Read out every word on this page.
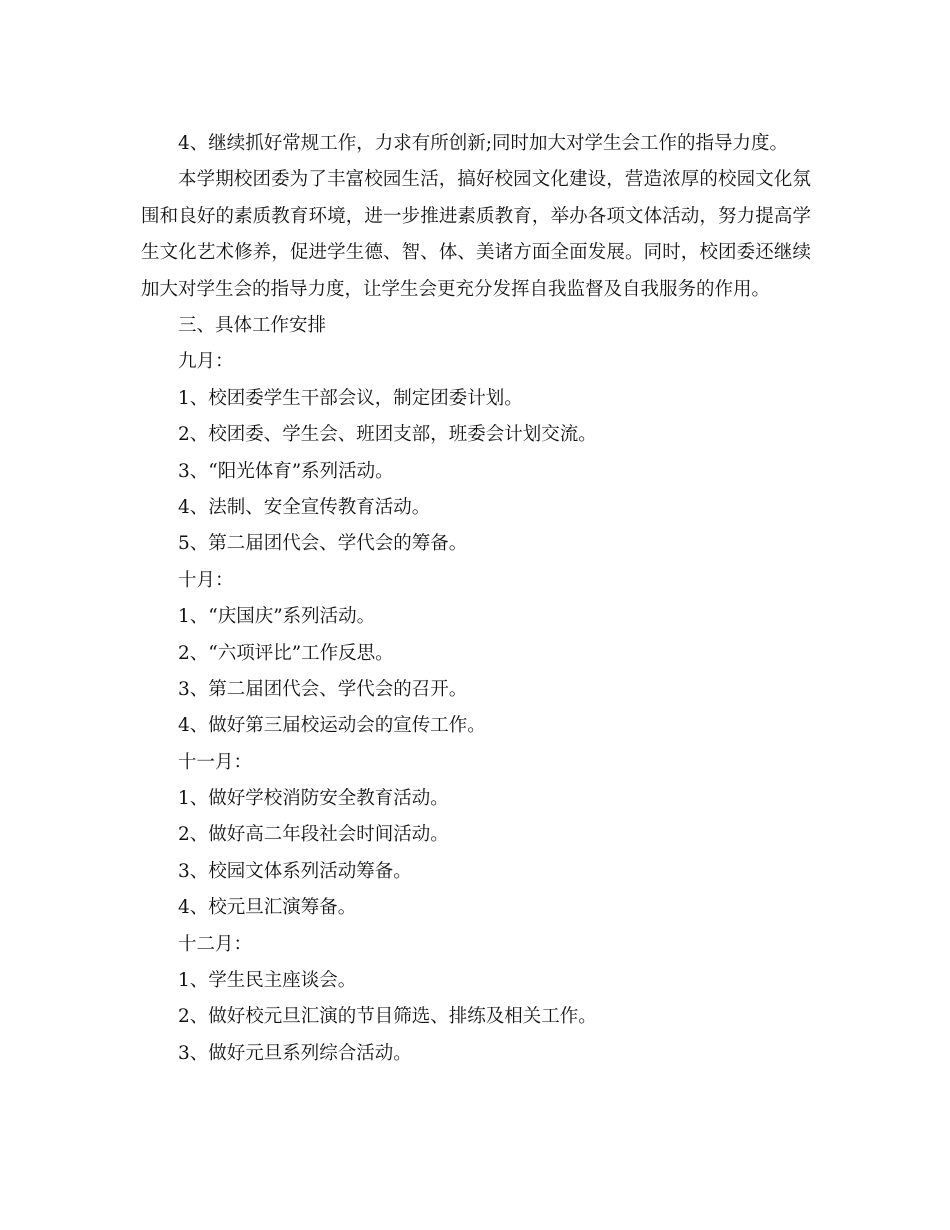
4、继续抓好常规工作，力求有所创新;同时加大对学生会工作的指导力度。
本学期校团委为了丰富校园生活，搞好校园文化建设，营造浓厚的校园文化氛围和良好的素质教育环境，进一步推进素质教育，举办各项文体活动，努力提高学生文化艺术修养，促进学生德、智、体、美诸方面全面发展。同时，校团委还继续加大对学生会的指导力度，让学生会更充分发挥自我监督及自我服务的作用。
三、具体工作安排
九月：
1、校团委学生干部会议，制定团委计划。
2、校团委、学生会、班团支部，班委会计划交流。
3、“阳光体育”系列活动。
4、法制、安全宣传教育活动。
5、第二届团代会、学代会的筹备。
十月：
1、“庆国庆”系列活动。
2、“六项评比”工作反思。
3、第二届团代会、学代会的召开。
4、做好第三届校运动会的宣传工作。
十一月：
1、做好学校消防安全教育活动。
2、做好高二年段社会时间活动。
3、校园文体系列活动筹备。
4、校元旦汇演筹备。
十二月：
1、学生民主座谈会。
2、做好校元旦汇演的节目筛选、排练及相关工作。
3、做好元旦系列综合活动。
